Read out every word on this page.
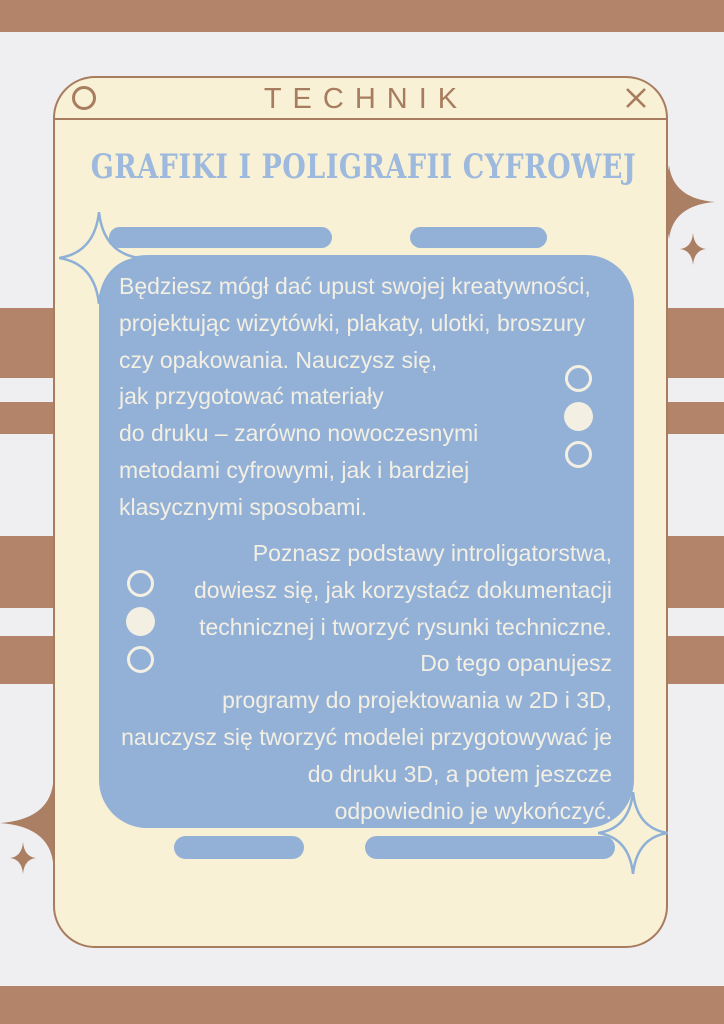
TECHNIK
GRAFIKI I POLIGRAFII CYFROWEJ
Będziesz mógł dać upust swojej kreatywności,
projektując wizytówki, plakaty, ulotki, broszury
czy opakowania. Nauczysz się,
jak przygotować materiały
do druku – zarówno nowoczesnymi
metodami cyfrowymi, jak i bardziej
klasycznymi sposobami.
Poznasz podstawy introligatorstwa,
dowiesz się, jak korzystaćz dokumentacji
technicznej i tworzyć rysunki techniczne.
Do tego opanujesz
programy do projektowania w 2D i 3D,
nauczysz się tworzyć modelei przygotowywać je
do druku 3D, a potem jeszcze
odpowiednio je wykończyć.
